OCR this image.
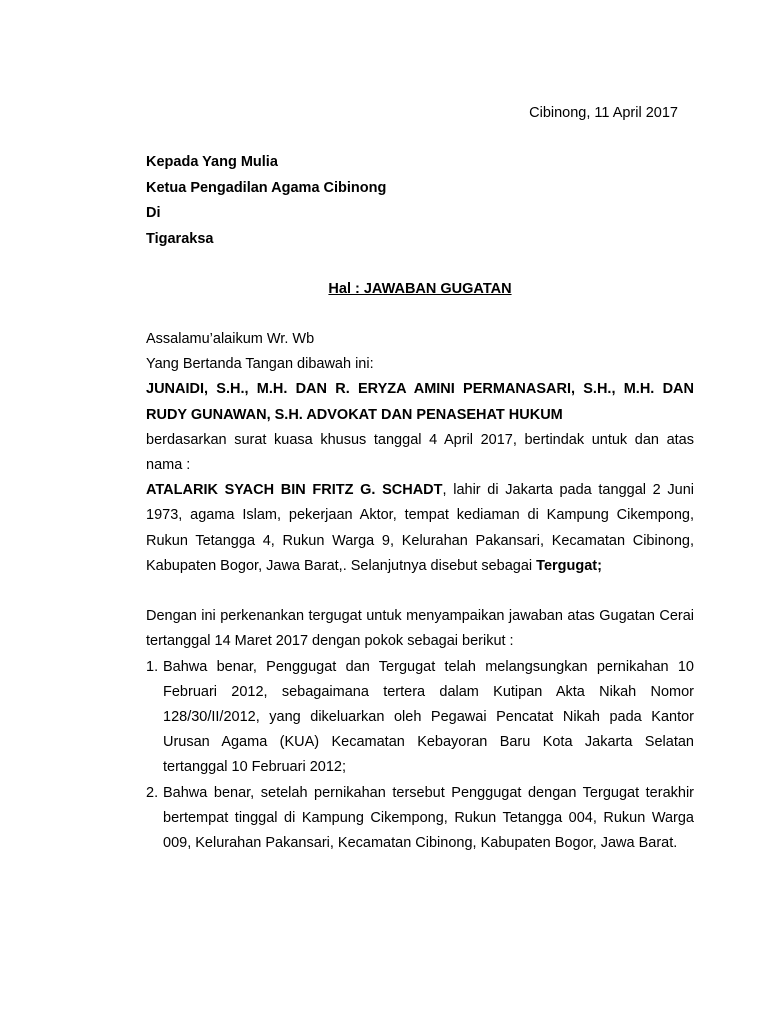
Cibinong, 11 April 2017
Kepada Yang Mulia
Ketua Pengadilan Agama Cibinong
Di
Tigaraksa
Hal : JAWABAN GUGATAN

Assalamu’alaikum Wr. Wb

Yang Bertanda Tangan dibawah ini:

JUNAIDI, S.H., M.H. DAN R. ERYZA AMINI PERMANASARI, S.H., M.H. DAN RUDY GUNAWAN, S.H. ADVOKAT DAN PENASEHAT HUKUM

berdasarkan surat kuasa khusus tanggal 4 April 2017, bertindak untuk dan atas nama :

ATALARIK SYACH BIN FRITZ G. SCHADT, lahir di Jakarta pada tanggal 2 Juni 1973, agama Islam, pekerjaan Aktor, tempat kediaman di Kampung Cikempong, Rukun Tetangga 4, Rukun Warga 9, Kelurahan Pakansari, Kecamatan Cibinong, Kabupaten Bogor, Jawa Barat,. Selanjutnya disebut sebagai Tergugat;

Dengan ini perkenankan tergugat untuk menyampaikan jawaban atas Gugatan Cerai tertanggal 14 Maret 2017 dengan pokok sebagai berikut :

1. Bahwa benar, Penggugat dan Tergugat telah melangsungkan pernikahan 10 Februari 2012, sebagaimana tertera dalam Kutipan Akta Nikah Nomor 128/30/II/2012, yang dikeluarkan oleh Pegawai Pencatat Nikah pada Kantor Urusan Agama (KUA) Kecamatan Kebayoran Baru Kota Jakarta Selatan tertanggal 10 Februari 2012;
2. Bahwa benar, setelah pernikahan tersebut Penggugat dengan Tergugat terakhir bertempat tinggal di Kampung Cikempong, Rukun Tetangga 004, Rukun Warga 009, Kelurahan Pakansari, Kecamatan Cibinong, Kabupaten Bogor, Jawa Barat.
